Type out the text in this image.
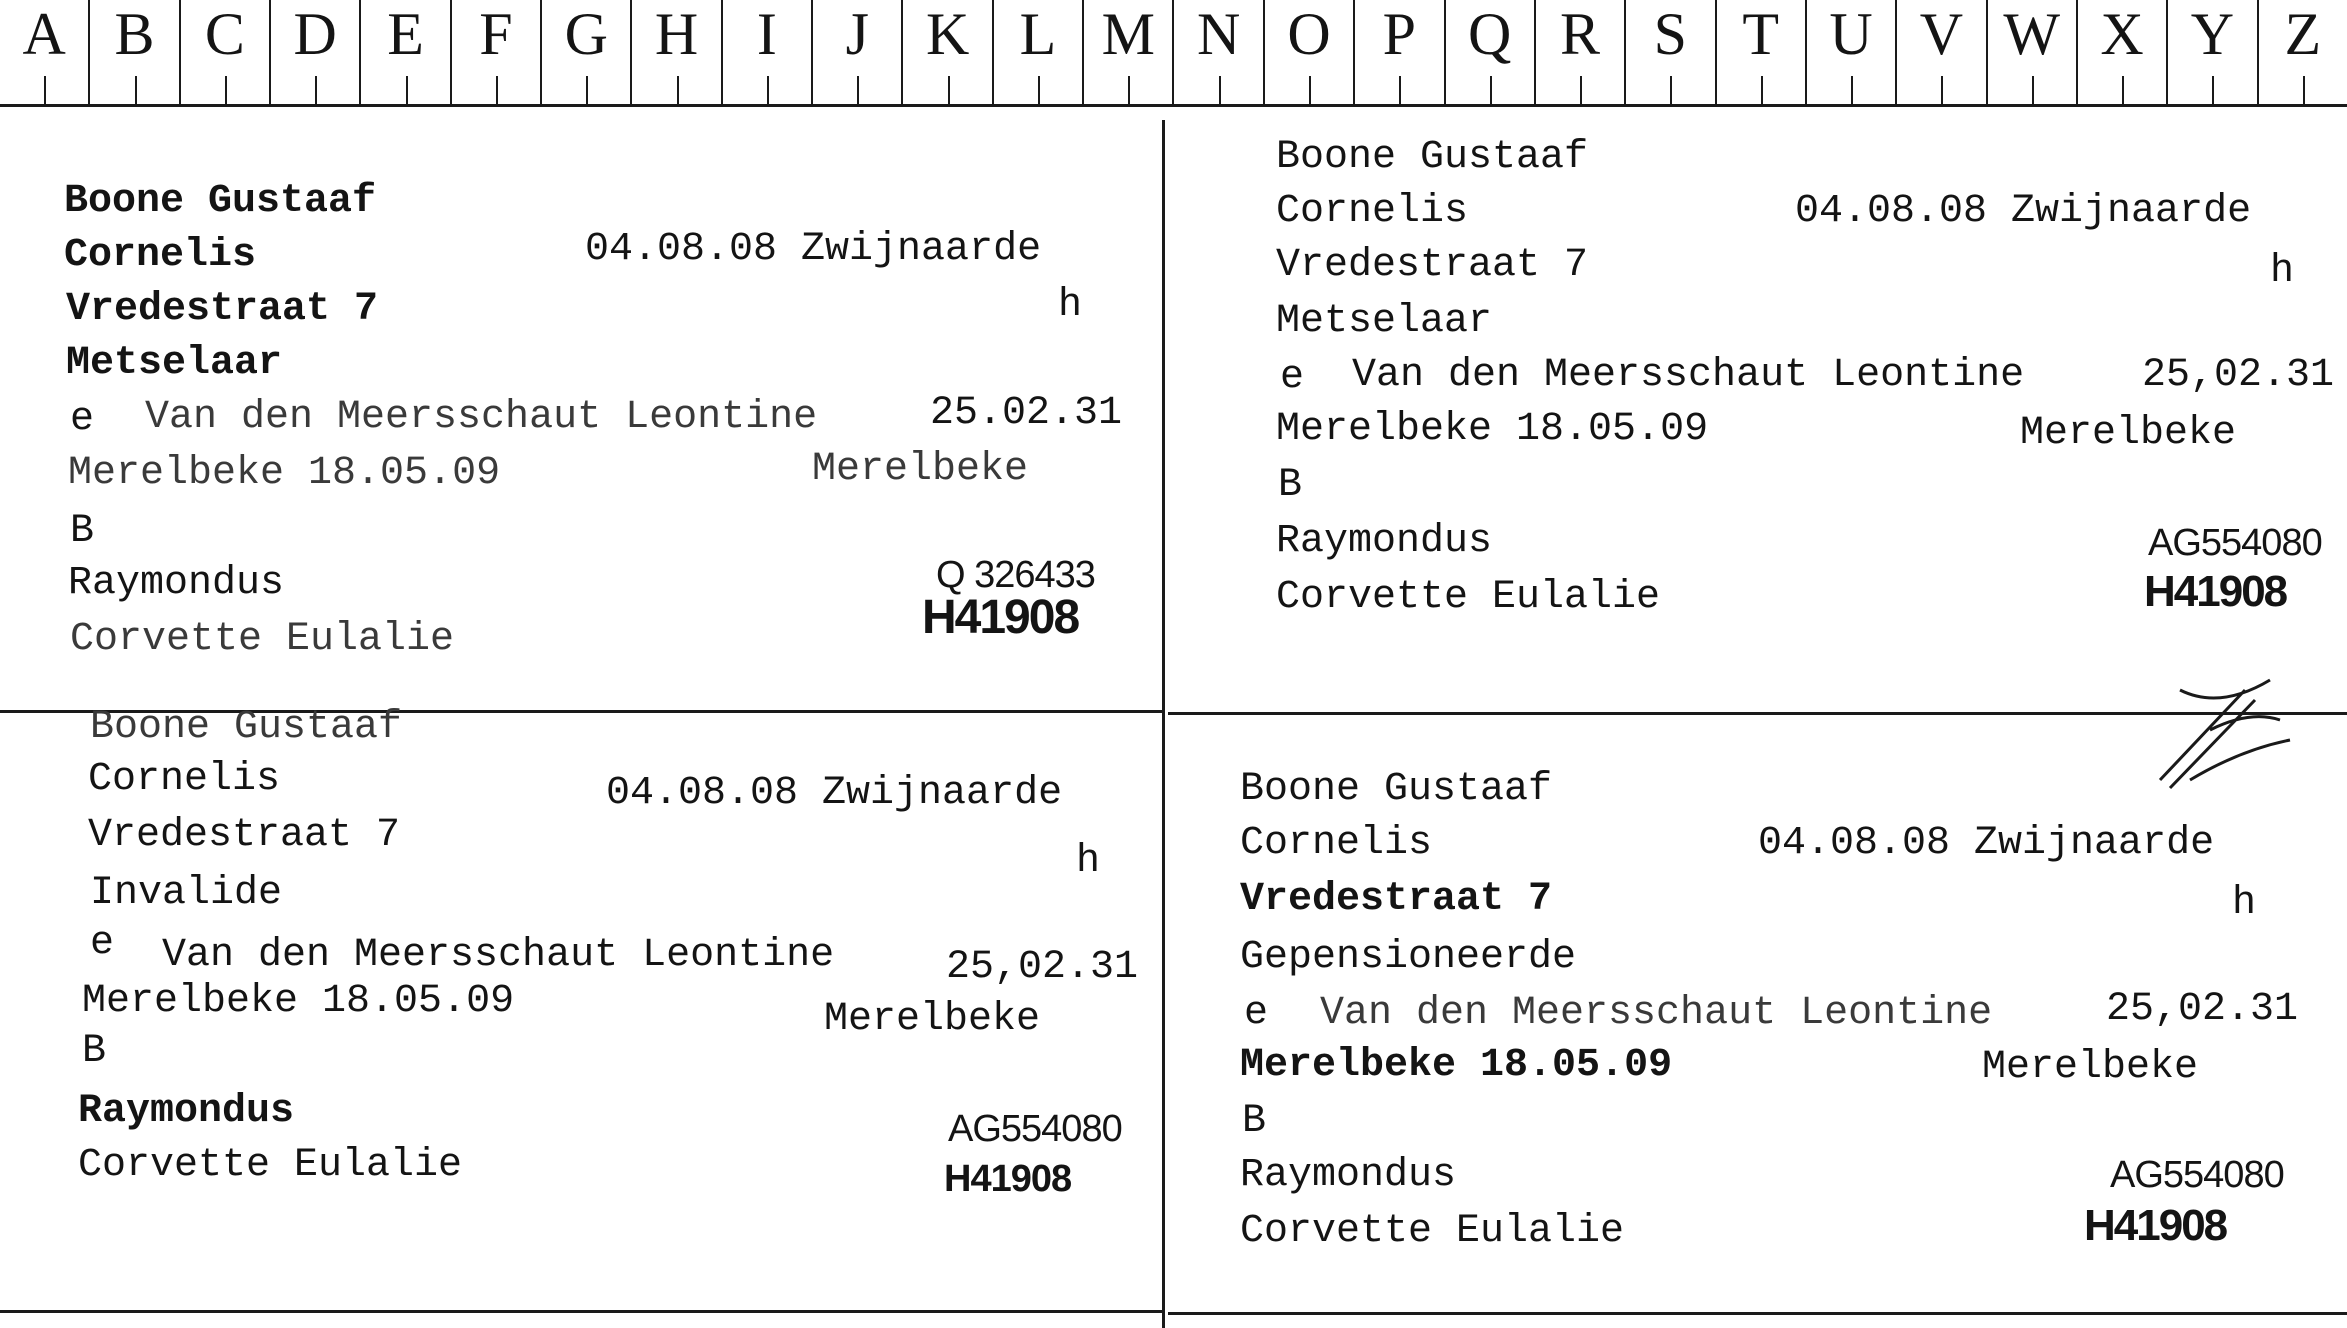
A B C D E F G H I	J K L M N O P Q R S T U V W X Y Z
Boone Gustaaf
Cornelis	04.08.08 Zwijnaarde
Vredestraat 7	h
Metselaar
e Van den Meersschaut Leontine	25.02.31
Merelbeke 18.05.09	Merelbeke
B
Raymondus	Q 326433
H41908
Corvette Eulalie
Boone Gustaaf
Cornelis	04.08.08 Zwijnaarde
Vredestraat 7	h
Metselaar
e Van den Meersschaut Leontine	25,02.31
Merelbeke 18.05.09	Merelbeke
B
Raymondus	AG554080
Corvette Eulalie	H41908
Boone Gustaaf
Cornelis	04.08.08 Zwijnaarde
Vredestraat 7
h
Invalide
e Van den Meersschaut Leontine	25,02.31
Merelbeke 18.05.09	Merelbeke
B
Raymondus	AG554080
Corvette Eulalie	H41908
Boone Gustaaf
Cornelis	04.08.08 Zwijnaarde
Vredestraat 7	h
Gepensioneerde
e Van den Meersschaut Leontine	25,02.31
Merelbeke 18.05.09	Merelbeke
B
Raymondus	AG554080
Corvette Eulalie	H41908
